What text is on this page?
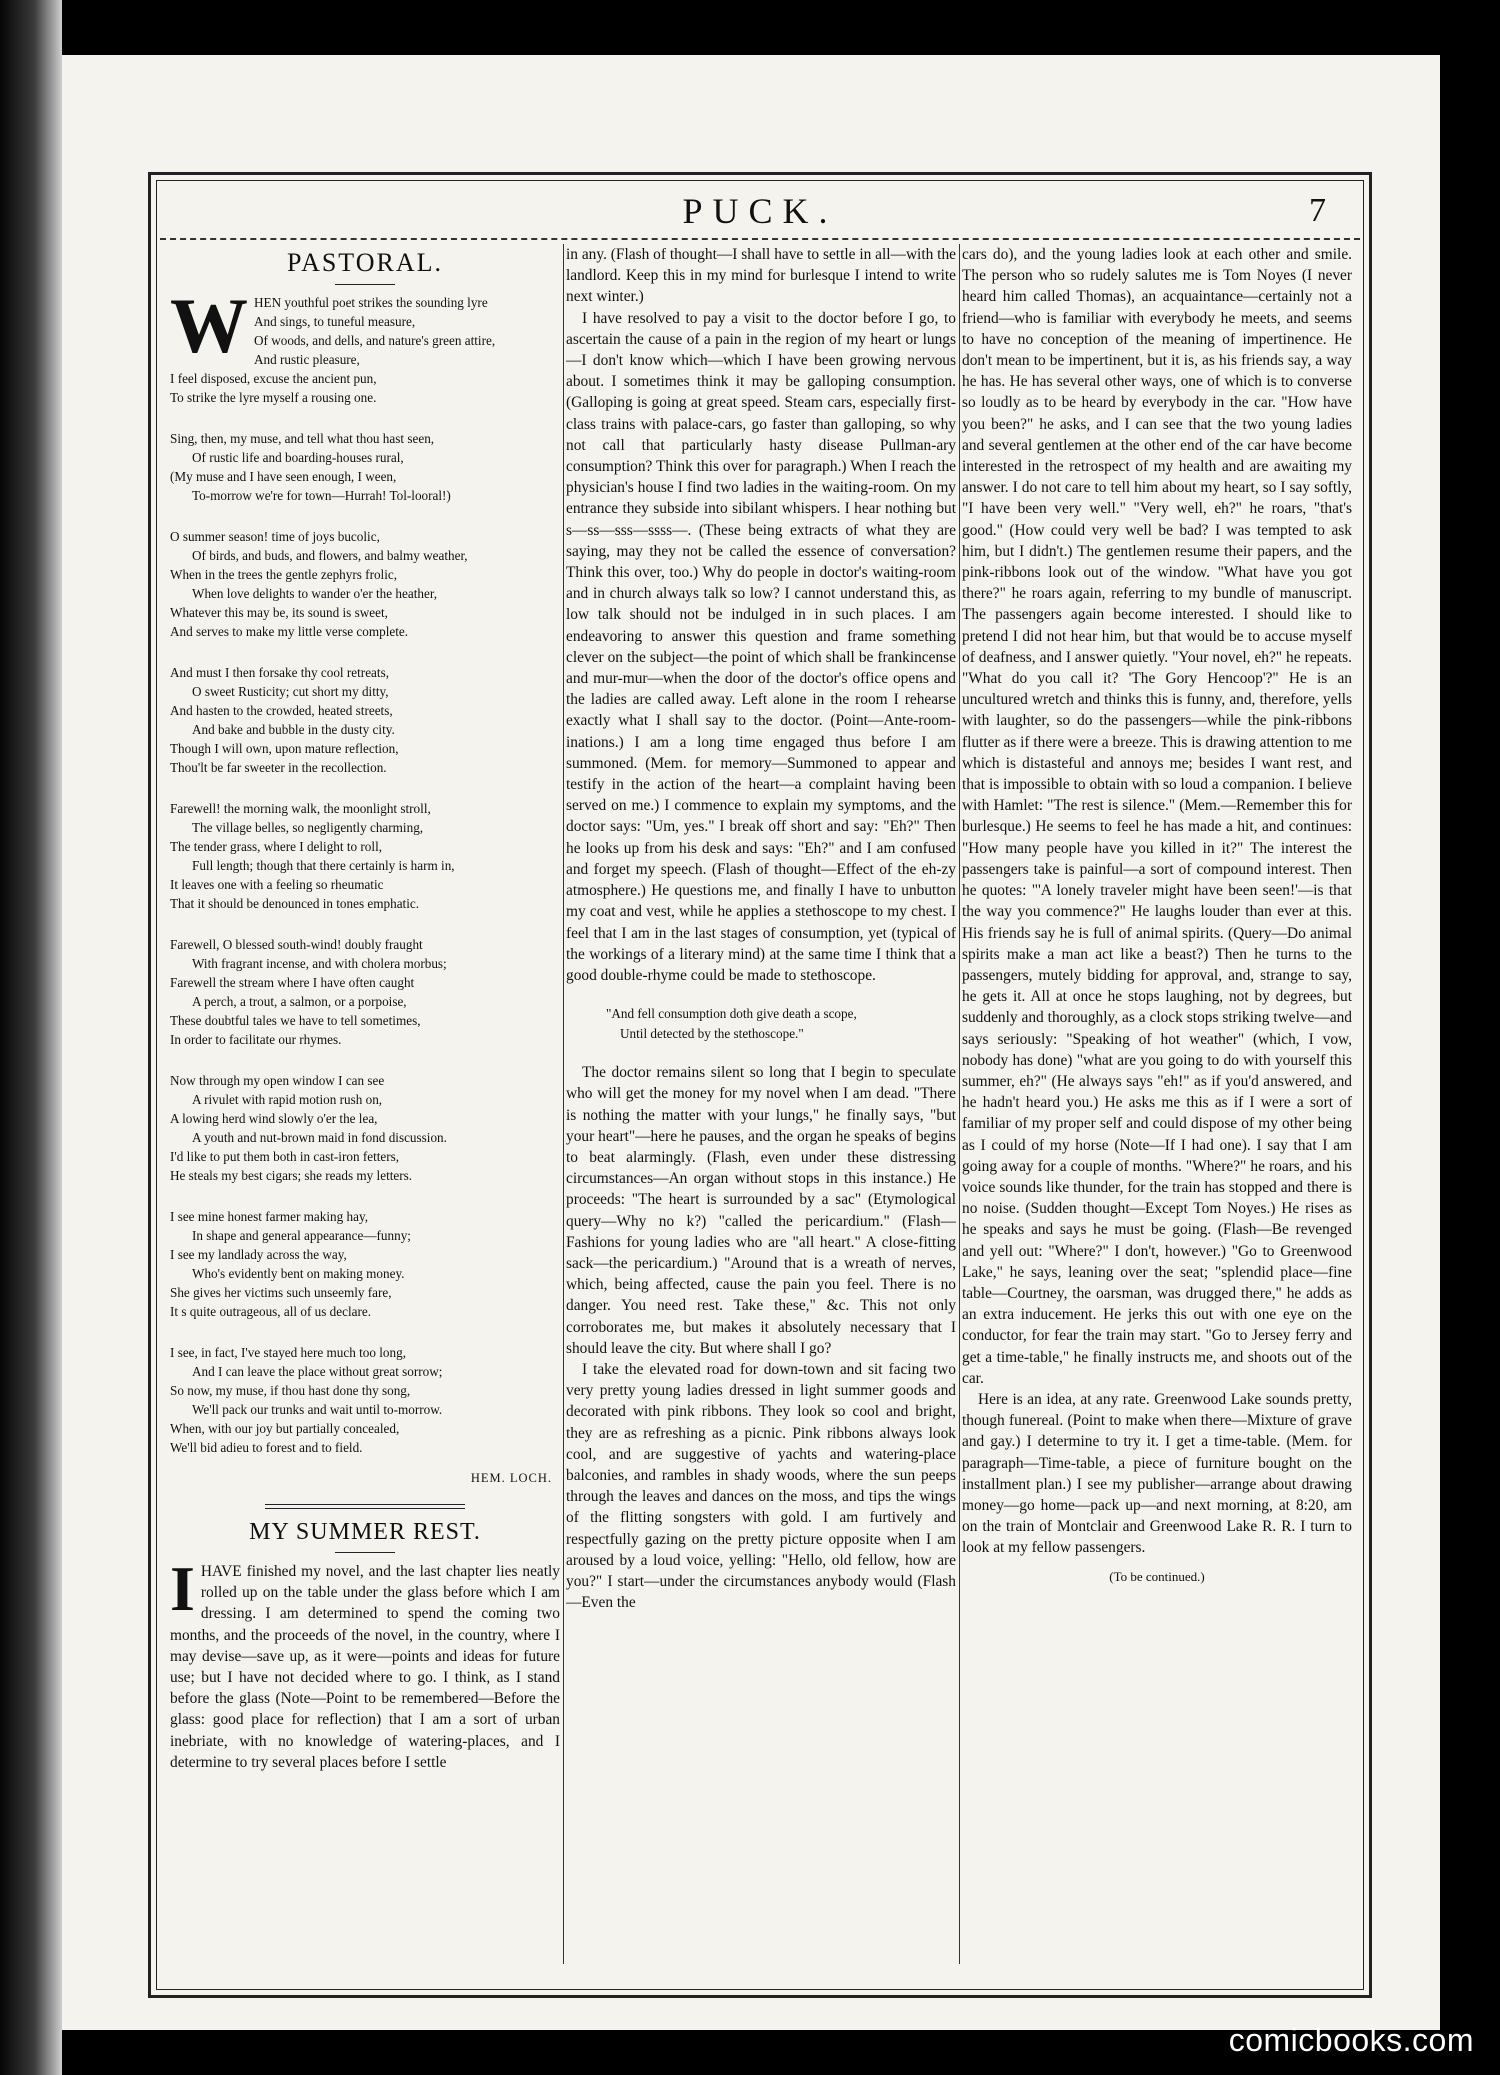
PUCK.	7
PASTORAL.
W HEN youthful poet strikes the sounding lyre
And sings, to tuneful measure,
Of woods, and dells, and nature's green attire,
And rustic pleasure,
I feel disposed, excuse the ancient pun,
To strike the lyre myself a rousing one.
Sing, then, my muse, and tell what thou hast seen,
Of rustic life and boarding-houses rural,
(My muse and I have seen enough, I ween,
To-morrow we're for town—Hurrah! Tol-looral!)
O summer season! time of joys bucolic,
Of birds, and buds, and flowers, and balmy weather,
When in the trees the gentle zephyrs frolic,
When love delights to wander o'er the heather,
Whatever this may be, its sound is sweet,
And serves to make my little verse complete.
And must I then forsake thy cool retreats,
O sweet Rusticity; cut short my ditty,
And hasten to the crowded, heated streets,
And bake and bubble in the dusty city.
Though I will own, upon mature reflection,
Thou'lt be far sweeter in the recollection.
Farewell! the morning walk, the moonlight stroll,
The village belles, so negligently charming,
The tender grass, where I delight to roll,
Full length; though that there certainly is harm in,
It leaves one with a feeling so rheumatic
That it should be denounced in tones emphatic.
Farewell, O blessed south-wind! doubly fraught
With fragrant incense, and with cholera morbus;
Farewell the stream where I have often caught
A perch, a trout, a salmon, or a porpoise,
These doubtful tales we have to tell sometimes,
In order to facilitate our rhymes.
Now through my open window I can see
A rivulet with rapid motion rush on,
A lowing herd wind slowly o'er the lea,
A youth and nut-brown maid in fond discussion.
I'd like to put them both in cast-iron fetters,
He steals my best cigars; she reads my letters.
I see mine honest farmer making hay,
In shape and general appearance—funny;
I see my landlady across the way,
Who's evidently bent on making money.
She gives her victims such unseemly fare,
It s quite outrageous, all of us declare.
I see, in fact, I've stayed here much too long,
And I can leave the place without great sorrow;
So now, my muse, if thou hast done thy song,
We'll pack our trunks and wait until to-morrow.
When, with our joy but partially concealed,
We'll bid adieu to forest and to field.
HEM. LOCH.
MY SUMMER REST.

IHAVE finished my novel, and the last chapter lies neatly rolled up on the table under the glass before which I am dressing. I am determined to spend the coming two months, and the proceeds of the novel, in the country, where I may devise—save up, as it were—points and ideas for future use; but I have not decided where to go. I think, as I stand before the glass (Note—Point to be remembered—Before the glass: good place for reflection) that I am a sort of urban inebriate, with no knowledge of watering-places, and I determine to try several places before I settle

in any. (Flash of thought—I shall have to settle in all—with the landlord. Keep this in my mind for burlesque I intend to write next winter.)

I have resolved to pay a visit to the doctor before I go, to ascertain the cause of a pain in the region of my heart or lungs—I don't know which—which I have been growing nervous about. I sometimes think it may be galloping consumption. (Galloping is going at great speed. Steam cars, especially first-class trains with palace-cars, go faster than galloping, so why not call that particularly hasty disease Pullman-ary consumption? Think this over for paragraph.) When I reach the physician's house I find two ladies in the waiting-room. On my entrance they subside into sibilant whispers. I hear nothing but s—ss—sss—ssss—. (These being extracts of what they are saying, may they not be called the essence of conversation? Think this over, too.) Why do people in doctor's waiting-room and in church always talk so low? I cannot understand this, as low talk should not be indulged in in such places. I am endeavoring to answer this question and frame something clever on the subject—the point of which shall be frankincense and mur-mur—when the door of the doctor's office opens and the ladies are called away. Left alone in the room I rehearse exactly what I shall say to the doctor. (Point—Ante-room-inations.) I am a long time engaged thus before I am summoned. (Mem. for memory—Summoned to appear and testify in the action of the heart—a complaint having been served on me.) I commence to explain my symptoms, and the doctor says: "Um, yes." I break off short and say: "Eh?" Then he looks up from his desk and says: "Eh?" and I am confused and forget my speech. (Flash of thought—Effect of the eh-zy atmosphere.) He questions me, and finally I have to unbutton my coat and vest, while he applies a stethoscope to my chest. I feel that I am in the last stages of consumption, yet (typical of the workings of a literary mind) at the same time I think that a good double-rhyme could be made to stethoscope.

"And fell consumption doth give death a scope,
Until detected by the stethoscope."

The doctor remains silent so long that I begin to speculate who will get the money for my novel when I am dead. "There is nothing the matter with your lungs," he finally says, "but your heart"—here he pauses, and the organ he speaks of begins to beat alarmingly. (Flash, even under these distressing circumstances—An organ without stops in this instance.) He proceeds: "The heart is surrounded by a sac" (Etymological query—Why no k?) "called the pericardium." (Flash—Fashions for young ladies who are "all heart." A close-fitting sack—the pericardium.) "Around that is a wreath of nerves, which, being affected, cause the pain you feel. There is no danger. You need rest. Take these," &c. This not only corroborates me, but makes it absolutely necessary that I should leave the city. But where shall I go?

I take the elevated road for down-town and sit facing two very pretty young ladies dressed in light summer goods and decorated with pink ribbons. They look so cool and bright, they are as refreshing as a picnic. Pink ribbons always look cool, and are suggestive of yachts and watering-place balconies, and rambles in shady woods, where the sun peeps through the leaves and dances on the moss, and tips the wings of the flitting songsters with gold. I am furtively and respectfully gazing on the pretty picture opposite when I am aroused by a loud voice, yelling: "Hello, old fellow, how are you?" I start—under the circumstances anybody would (Flash—Even the

cars do), and the young ladies look at each other and smile. The person who so rudely salutes me is Tom Noyes (I never heard him called Thomas), an acquaintance—certainly not a friend—who is familiar with everybody he meets, and seems to have no conception of the meaning of impertinence. He don't mean to be impertinent, but it is, as his friends say, a way he has. He has several other ways, one of which is to converse so loudly as to be heard by everybody in the car. "How have you been?" he asks, and I can see that the two young ladies and several gentlemen at the other end of the car have become interested in the retrospect of my health and are awaiting my answer. I do not care to tell him about my heart, so I say softly, "I have been very well." "Very well, eh?" he roars, "that's good." (How could very well be bad? I was tempted to ask him, but I didn't.) The gentlemen resume their papers, and the pink-ribbons look out of the window. "What have you got there?" he roars again, referring to my bundle of manuscript. The passengers again become interested. I should like to pretend I did not hear him, but that would be to accuse myself of deafness, and I answer quietly. "Your novel, eh?" he repeats. "What do you call it? 'The Gory Hencoop'?" He is an uncultured wretch and thinks this is funny, and, therefore, yells with laughter, so do the passengers—while the pink-ribbons flutter as if there were a breeze. This is drawing attention to me which is distasteful and annoys me; besides I want rest, and that is impossible to obtain with so loud a companion. I believe with Hamlet: "The rest is silence." (Mem.—Remember this for burlesque.) He seems to feel he has made a hit, and continues: "How many people have you killed in it?" The interest the passengers take is painful—a sort of compound interest. Then he quotes: "'A lonely traveler might have been seen!'—is that the way you commence?" He laughs louder than ever at this. His friends say he is full of animal spirits. (Query—Do animal spirits make a man act like a beast?) Then he turns to the passengers, mutely bidding for approval, and, strange to say, he gets it. All at once he stops laughing, not by degrees, but suddenly and thoroughly, as a clock stops striking twelve—and says seriously: "Speaking of hot weather" (which, I vow, nobody has done) "what are you going to do with yourself this summer, eh?" (He always says "eh!" as if you'd answered, and he hadn't heard you.) He asks me this as if I were a sort of familiar of my proper self and could dispose of my other being as I could of my horse (Note—If I had one). I say that I am going away for a couple of months. "Where?" he roars, and his voice sounds like thunder, for the train has stopped and there is no noise. (Sudden thought—Except Tom Noyes.) He rises as he speaks and says he must be going. (Flash—Be revenged and yell out: "Where?" I don't, however.) "Go to Greenwood Lake," he says, leaning over the seat; "splendid place—fine table—Courtney, the oarsman, was drugged there," he adds as an extra inducement. He jerks this out with one eye on the conductor, for fear the train may start. "Go to Jersey ferry and get a time-table," he finally instructs me, and shoots out of the car.

Here is an idea, at any rate. Greenwood Lake sounds pretty, though funereal. (Point to make when there—Mixture of grave and gay.) I determine to try it. I get a time-table. (Mem. for paragraph—Time-table, a piece of furniture bought on the installment plan.) I see my publisher—arrange about drawing money—go home—pack up—and next morning, at 8:20, am on the train of Montclair and Greenwood Lake R. R. I turn to look at my fellow passengers.

(To be continued.)
comicbooks.com
